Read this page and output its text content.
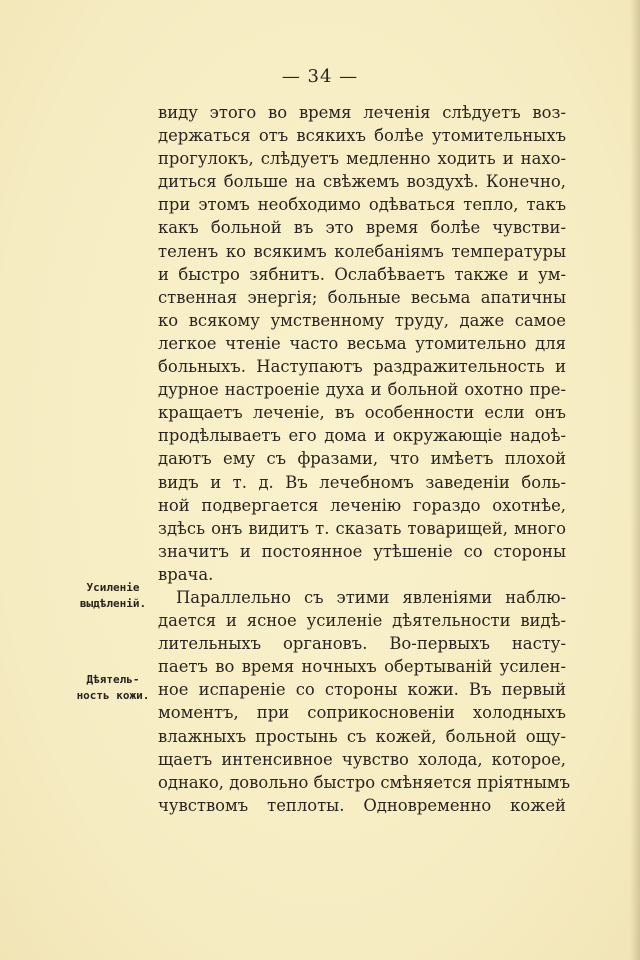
— 34 —
Усиленіе
выдѣленій.
Дѣятель-
ность кожи.
виду этого во время леченія слѣдуетъ воз-
держаться отъ всякихъ болѣе утомительныхъ
прогулокъ, слѣдуетъ медленно ходить и нахо-
диться больше на свѣжемъ воздухѣ. Конечно,
при этомъ необходимо одѣваться тепло, такъ
какъ больной въ это время болѣе чувстви-
теленъ ко всякимъ колебаніямъ температуры
и быстро зябнитъ. Ослабѣваетъ также и ум-
ственная энергія; больные весьма апатичны
ко всякому умственному труду, даже самое
легкое чтеніе часто весьма утомительно для
больныхъ. Наступаютъ раздражительность и
дурное настроеніе духа и больной охотно пре-
кращаетъ леченіе, въ особенности если онъ
продѣлываетъ его дома и окружающіе надоѣ-
даютъ ему съ фразами, что имѣетъ плохой
видъ и т. д. Въ лечебномъ заведеніи боль-
ной подвергается леченію гораздо охотнѣе,
здѣсь онъ видитъ т. сказать товарищей, много
значитъ и постоянное утѣшеніе со стороны
врача.
Параллельно съ этими явленіями наблю-
дается и ясное усиленіе дѣятельности видѣ-
лительныхъ органовъ. Во-первыхъ насту-
паетъ во время ночныхъ обертываній усилен-
ное испареніе со стороны кожи. Въ первый
моментъ, при соприкосновеніи холодныхъ
влажныхъ простынь съ кожей, больной ощу-
щаетъ интенсивное чувство холода, которое,
однако, довольно быстро смѣняется пріятнымъ
чувствомъ теплоты. Одновременно кожей
